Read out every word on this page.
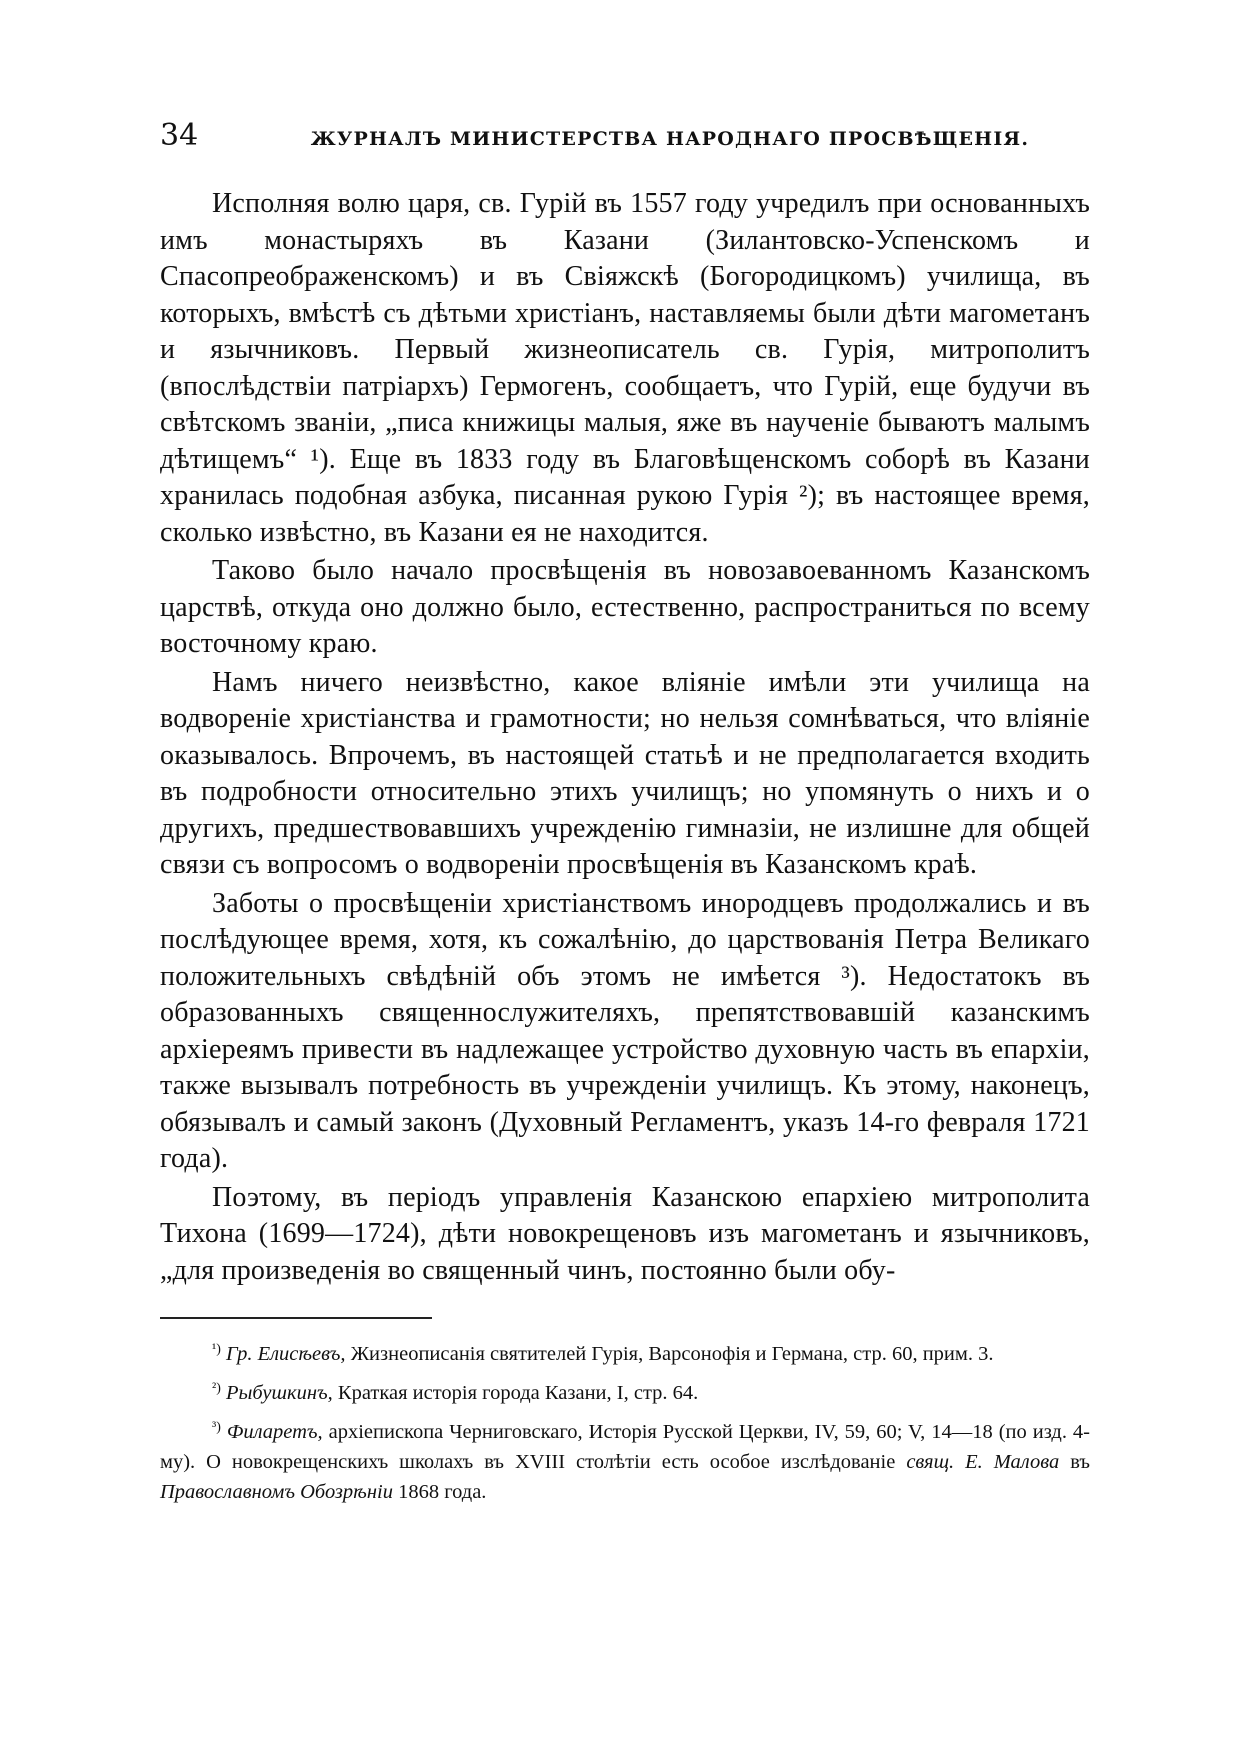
34	ЖУРНАЛЪ МИНИСТЕРСТВА НАРОДНАГО ПРОСВѢЩЕНІЯ.

Исполняя волю царя, св. Гурій въ 1557 году учредилъ при основанныхъ имъ монастыряхъ въ Казани (Зилантовско-Успенскомъ и Спасопреображенскомъ) и въ Свіяжскѣ (Богородицкомъ) училища, въ которыхъ, вмѣстѣ съ дѣтьми христіанъ, наставляемы были дѣти магометанъ и язычниковъ. Первый жизнеописатель св. Гурія, митрополитъ (впослѣдствіи патріархъ) Гермогенъ, сообщаетъ, что Гурій, еще будучи въ свѣтскомъ званіи, „писа книжицы малыя, яже въ наученіе бываютъ малымъ дѣтищемъ“ ¹). Еще въ 1833 году въ Благовѣщенскомъ соборѣ въ Казани хранилась подобная азбука, писанная рукою Гурія ²); въ настоящее время, сколько извѣстно, въ Казани ея не находится.

Таково было начало просвѣщенія въ новозавоеванномъ Казанскомъ царствѣ, откуда оно должно было, естественно, распространиться по всему восточному краю.

Намъ ничего неизвѣстно, какое вліяніе имѣли эти училища на водвореніе христіанства и грамотности; но нельзя сомнѣваться, что вліяніе оказывалось. Впрочемъ, въ настоящей статьѣ и не предполагается входить въ подробности относительно этихъ училищъ; но упомянуть о нихъ и о другихъ, предшествовавшихъ учрежденію гимназіи, не излишне для общей связи съ вопросомъ о водвореніи просвѣщенія въ Казанскомъ краѣ.

Заботы о просвѣщеніи христіанствомъ инородцевъ продолжались и въ послѣдующее время, хотя, къ сожалѣнію, до царствованія Петра Великаго положительныхъ свѣдѣній объ этомъ не имѣется ³). Недостатокъ въ образованныхъ священнослужителяхъ, препятствовавшій казанскимъ архіереямъ привести въ надлежащее устройство духовную часть въ епархіи, также вызывалъ потребность въ учрежденіи училищъ. Къ этому, наконецъ, обязывалъ и самый законъ (Духовный Регламентъ, указъ 14-го февраля 1721 года).

Поэтому, въ періодъ управленія Казанскою епархіею митрополита Тихона (1699—1724), дѣти новокрещеновъ изъ магометанъ и язычниковъ, „для произведенія во священный чинъ, постоянно были обу-

$^{^1)}$ Гр. Елисѣевъ, Жизнеописанія святителей Гурія, Варсонофія и Германа, стр. 60, прим. 3.

$^{^2)}$ Рыбушкинъ, Краткая исторія города Казани, I, стр. 64.

$^{^3)}$ Филаретъ, архіепископа Черниговскаго, Исторія Русской Церкви, IV, 59, 60; V, 14—18 (по изд. 4-му). О новокрещенскихъ школахъ въ XVIII столѣтіи есть особое изслѣдованіе свящ. Е. Малова въ Православномъ Обозрѣніи 1868 года.
